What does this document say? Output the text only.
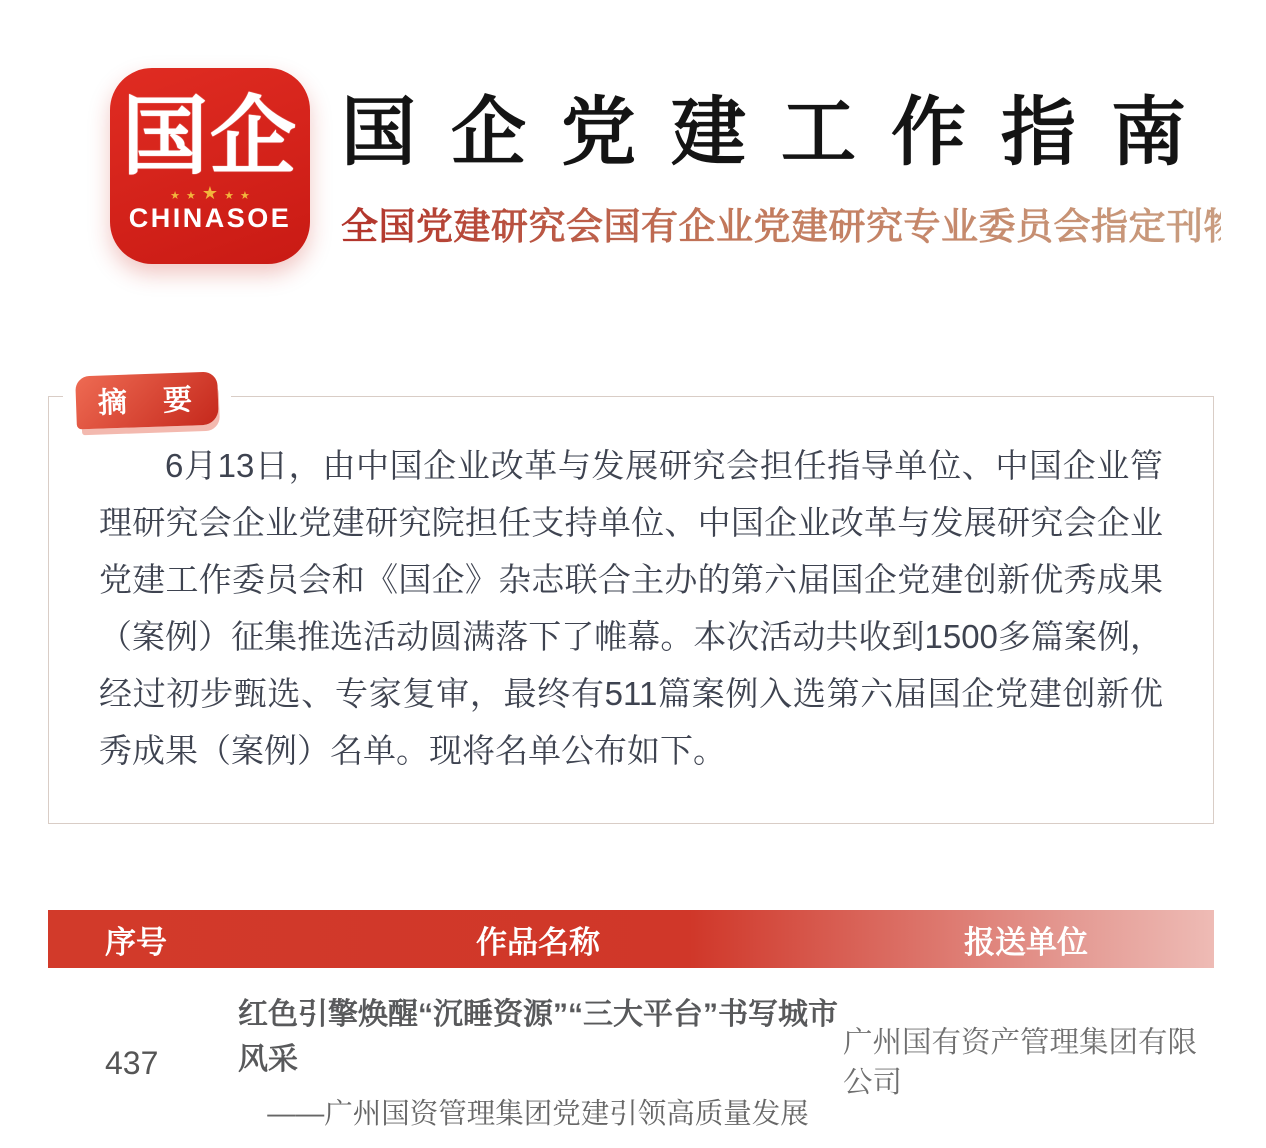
国企
★ ★ ★ ★ ★
CHINASOE
国企党建工作指南
全国党建研究会国有企业党建研究专业委员会指定刊物
摘 要

6月13日，由中国企业改革与发展研究会担任指导单位、中国企业管理研究会企业党建研究院担任支持单位、中国企业改革与发展研究会企业党建工作委员会和《国企》杂志联合主办的第六届国企党建创新优秀成果（案例）征集推选活动圆满落下了帷幕。本次活动共收到1500多篇案例，经过初步甄选、专家复审，最终有511篇案例入选第六届国企党建创新优秀成果（案例）名单。现将名单公布如下。

序号	作品名称	报送单位
437
红色引擎焕醒“沉睡资源”“三大平台”书写城市风采
——广州国资管理集团党建引领高质量发展
广州国有资产管理集团有限公司
